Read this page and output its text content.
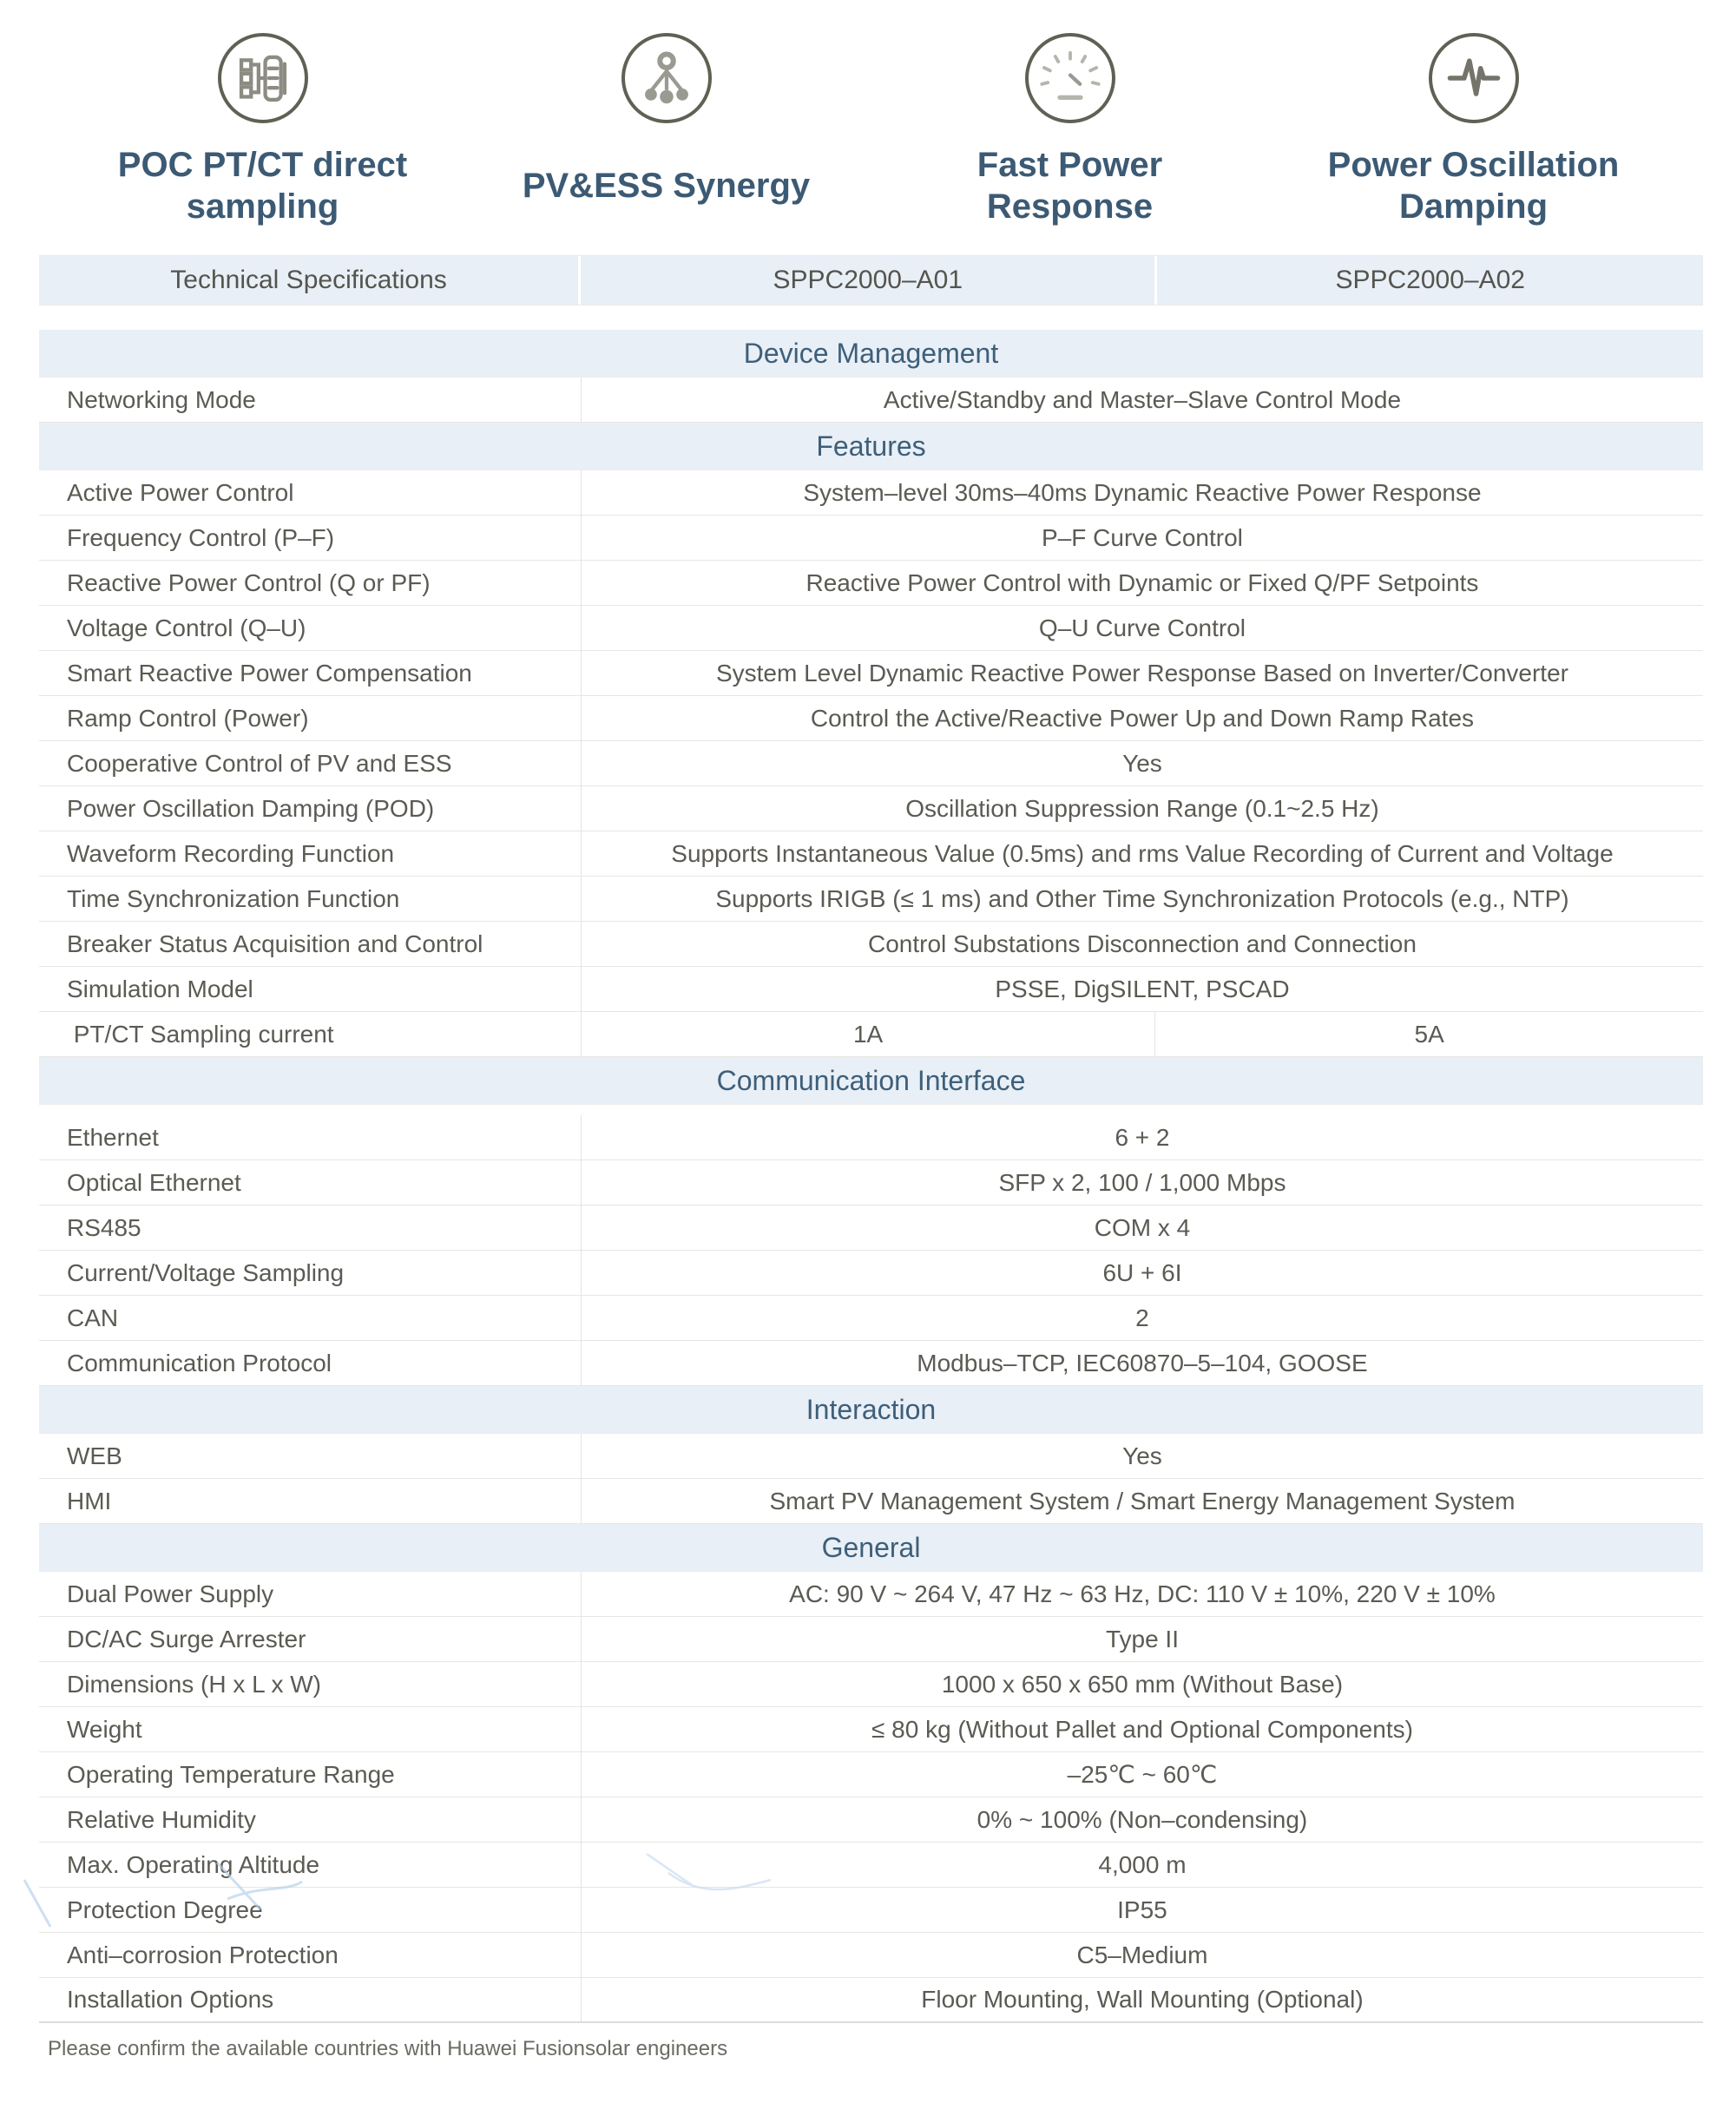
POC PT/CT direct sampling
PV&ESS Synergy
Fast Power Response
Power Oscillation Damping
Technical Specifications	SPPC2000–A01	SPPC2000–A02
Device Management
Networking Mode	Active/Standby and Master–Slave Control Mode
Features
Active Power Control	System–level 30ms–40ms Dynamic Reactive Power Response
Frequency Control (P–F)	P–F Curve Control
Reactive Power Control (Q or PF)	Reactive Power Control with Dynamic or Fixed Q/PF Setpoints
Voltage Control (Q–U)	Q–U Curve Control
Smart Reactive Power Compensation	System Level Dynamic Reactive Power Response Based on Inverter/Converter
Ramp Control (Power)	Control the Active/Reactive Power Up and Down Ramp Rates
Cooperative Control of PV and ESS	Yes
Power Oscillation Damping (POD)	Oscillation Suppression Range (0.1~2.5 Hz)
Waveform Recording Function	Supports Instantaneous Value (0.5ms) and rms Value Recording of Current and Voltage
Time Synchronization Function	Supports IRIGB (≤ 1 ms) and Other Time Synchronization Protocols (e.g., NTP)
Breaker Status Acquisition and Control	Control Substations Disconnection and Connection
Simulation Model	PSSE, DigSILENT, PSCAD
PT/CT Sampling current	1A	5A
Communication Interface
Ethernet	6 + 2
Optical Ethernet	SFP x 2, 100 / 1,000 Mbps
RS485	COM x 4
Current/Voltage Sampling	6U + 6I
CAN	2
Communication Protocol	Modbus–TCP, IEC60870–5–104, GOOSE
Interaction
WEB	Yes
HMI	Smart PV Management System / Smart Energy Management System
General
Dual Power Supply	AC: 90 V ~ 264 V, 47 Hz ~ 63 Hz, DC: 110 V ± 10%, 220 V ± 10%
DC/AC Surge Arrester	Type II
Dimensions (H x L x W)	1000 x 650 x 650 mm (Without Base)
Weight	≤ 80 kg (Without Pallet and Optional Components)
Operating Temperature Range	–25℃ ~ 60℃
Relative Humidity	0% ~ 100% (Non–condensing)
Max. Operating Altitude	4,000 m
Protection Degree	IP55
Anti–corrosion Protection	C5–Medium
Installation Options	Floor Mounting, Wall Mounting (Optional)
Please confirm the available countries with Huawei Fusionsolar engineers
